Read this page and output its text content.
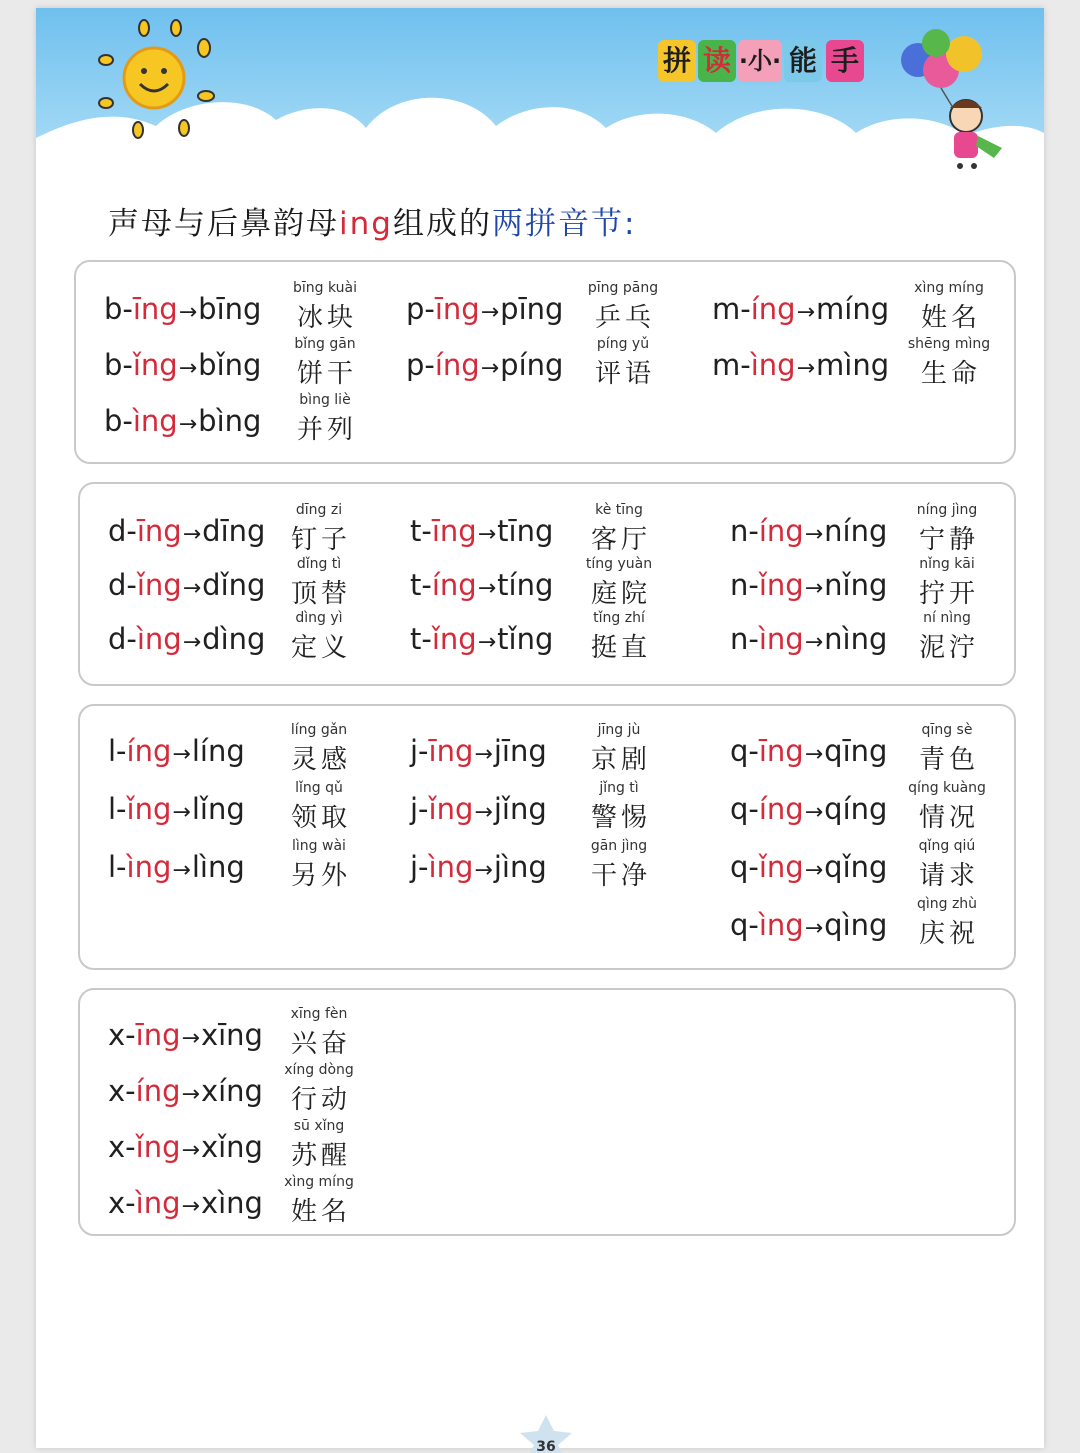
拼 读 ·小· 能 手
声母与后鼻韵母ing组成的两拼音节:
36
bīng kuài
冰块
b-īng→bīng
bǐng gān
饼干
b-ǐng→bǐng
bìng liè
并列
b-ìng→bìng
pīng pāng
乒乓
p-īng→pīng
píng yǔ
评语
p-íng→píng
xìng míng
姓名
m-íng→míng
shēng mìng
生命
m-ìng→mìng
dīng zi
钉子
d-īng→dīng
dǐng tì
顶替
d-ǐng→dǐng
dìng yì
定义
d-ìng→dìng
kè tīng
客厅
t-īng→tīng
tíng yuàn
庭院
t-íng→tíng
tǐng zhí
挺直
t-ǐng→tǐng
níng jìng
宁静
n-íng→níng
nǐng kāi
拧开
n-ǐng→nǐng
ní nìng
泥泞
n-ìng→nìng
líng gǎn
灵感
l-íng→líng
lǐng qǔ
领取
l-ǐng→lǐng
lìng wài
另外
l-ìng→lìng
jīng jù
京剧
j-īng→jīng
jǐng tì
警惕
j-ǐng→jǐng
gān jìng
干净
j-ìng→jìng
qīng sè
青色
q-īng→qīng
qíng kuàng
情况
q-íng→qíng
qǐng qiú
请求
q-ǐng→qǐng
qìng zhù
庆祝
q-ìng→qìng
xīng fèn
兴奋
x-īng→xīng
xíng dòng
行动
x-íng→xíng
sū xǐng
苏醒
x-ǐng→xǐng
xìng míng
姓名
x-ìng→xìng
